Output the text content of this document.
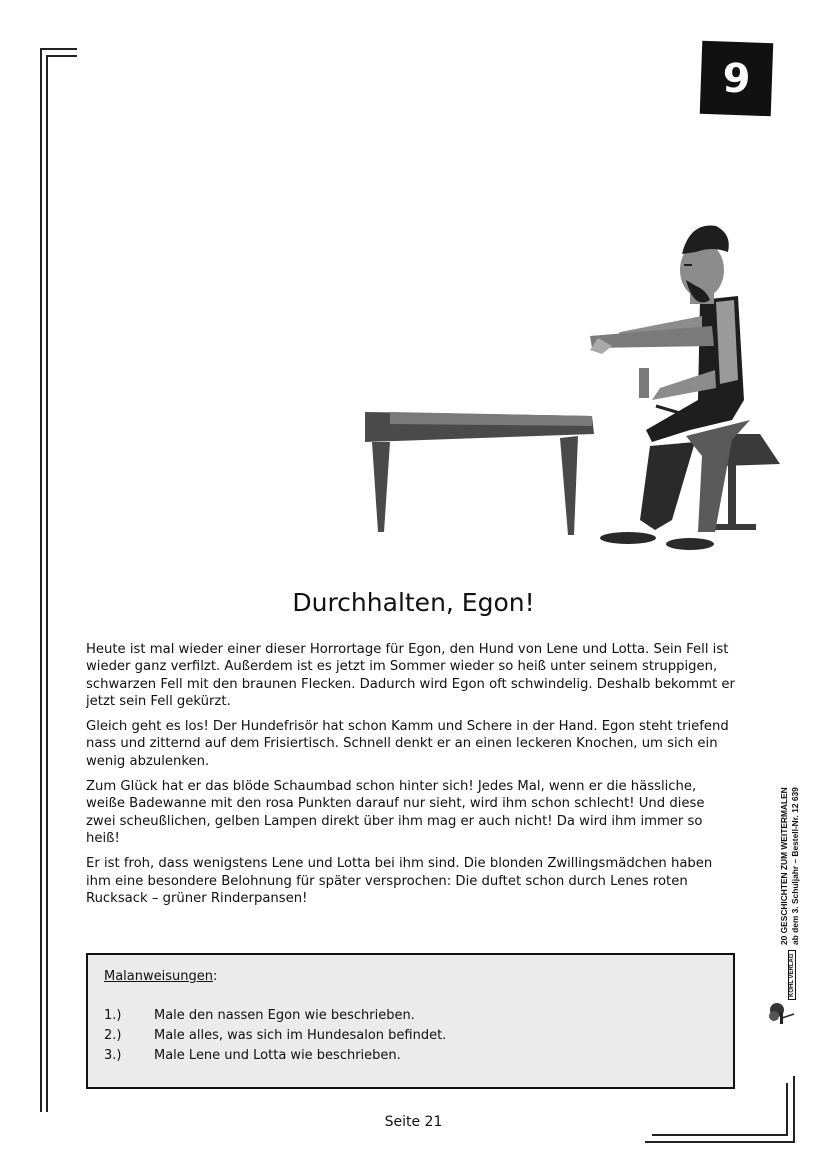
9
Durchhalten, Egon!

Heute ist mal wieder einer dieser Horrortage für Egon, den Hund von Lene und Lotta. Sein Fell ist wieder ganz verfilzt. Außerdem ist es jetzt im Sommer wieder so heiß unter seinem struppigen, schwarzen Fell mit den braunen Flecken. Dadurch wird Egon oft schwindelig. Deshalb bekommt er jetzt sein Fell gekürzt.

Gleich geht es los! Der Hundefrisör hat schon Kamm und Schere in der Hand. Egon steht triefend nass und zitternd auf dem Frisiertisch. Schnell denkt er an einen leckeren Knochen, um sich ein wenig abzulenken.

Zum Glück hat er das blöde Schaumbad schon hinter sich! Jedes Mal, wenn er die hässliche, weiße Badewanne mit den rosa Punkten darauf nur sieht, wird ihm schon schlecht! Und diese zwei scheußlichen, gelben Lampen direkt über ihm mag er auch nicht! Da wird ihm immer so heiß!

Er ist froh, dass wenigstens Lene und Lotta bei ihm sind. Die blonden Zwillingsmädchen haben ihm eine besondere Belohnung für später versprochen: Die duftet schon durch Lenes roten Rucksack – grüner Rinderpansen!

Malanweisungen:
1.)	Male den nassen Egon wie beschrieben.
2.)	Male alles, was sich im Hundesalon befindet.
3.)	Male Lene und Lotta wie beschrieben.
20 GESCHICHTEN ZUM WEITERMALEN ab dem 3. Schuljahr – Bestell-Nr. 12 639
KOHL VERLAG
Seite 21
